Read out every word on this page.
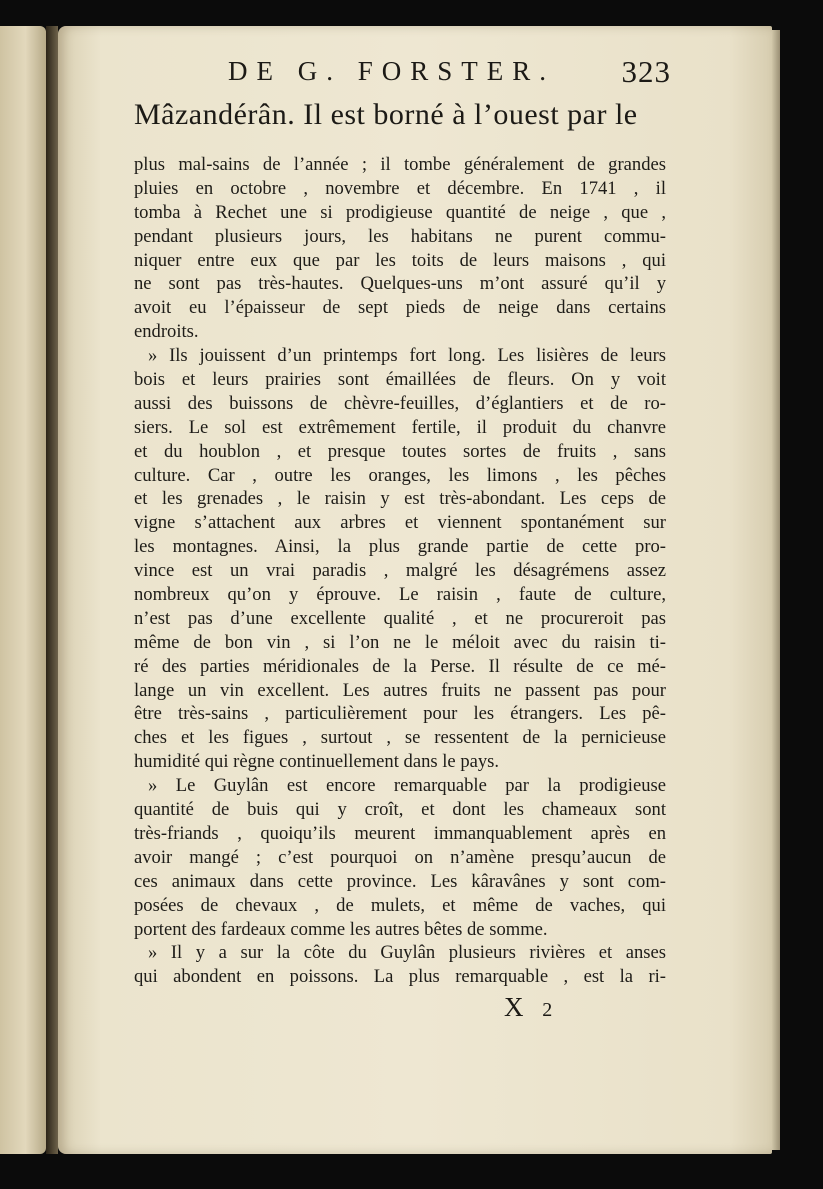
DE G. FORSTER.	323
Mâzandérân. Il est borné à l’ouest par le
plus mal-sains de l’année ; il tombe généralement de grandes
pluies en octobre , novembre et décembre. En 1741 , il
tomba à Rechet une si prodigieuse quantité de neige , que ,
pendant plusieurs jours, les habitans ne purent commu-
niquer entre eux que par les toits de leurs maisons , qui
ne sont pas très-hautes. Quelques-uns m’ont assuré qu’il y
avoit eu l’épaisseur de sept pieds de neige dans certains
endroits.
» Ils jouissent d’un printemps fort long. Les lisières de leurs
bois et leurs prairies sont émaillées de fleurs. On y voit
aussi des buissons de chèvre-feuilles, d’églantiers et de ro-
siers. Le sol est extrêmement fertile, il produit du chanvre
et du houblon , et presque toutes sortes de fruits , sans
culture. Car , outre les oranges, les limons , les pêches
et les grenades , le raisin y est très-abondant. Les ceps de
vigne s’attachent aux arbres et viennent spontanément sur
les montagnes. Ainsi, la plus grande partie de cette pro-
vince est un vrai paradis , malgré les désagrémens assez
nombreux qu’on y éprouve. Le raisin , faute de culture,
n’est pas d’une excellente qualité , et ne procureroit pas
même de bon vin , si l’on ne le méloit avec du raisin ti-
ré des parties méridionales de la Perse. Il résulte de ce mé-
lange un vin excellent. Les autres fruits ne passent pas pour
être très-sains , particulièrement pour les étrangers. Les pê-
ches et les figues , surtout , se ressentent de la pernicieuse
humidité qui règne continuellement dans le pays.
» Le Guylân est encore remarquable par la prodigieuse
quantité de buis qui y croît, et dont les chameaux sont
très-friands , quoiqu’ils meurent immanquablement après en
avoir mangé ; c’est pourquoi on n’amène presqu’aucun de
ces animaux dans cette province. Les kâravânes y sont com-
posées de chevaux , de mulets, et même de vaches, qui
portent des fardeaux comme les autres bêtes de somme.
» Il y a sur la côte du Guylân plusieurs rivières et anses
qui abondent en poissons. La plus remarquable , est la ri-
X 2
